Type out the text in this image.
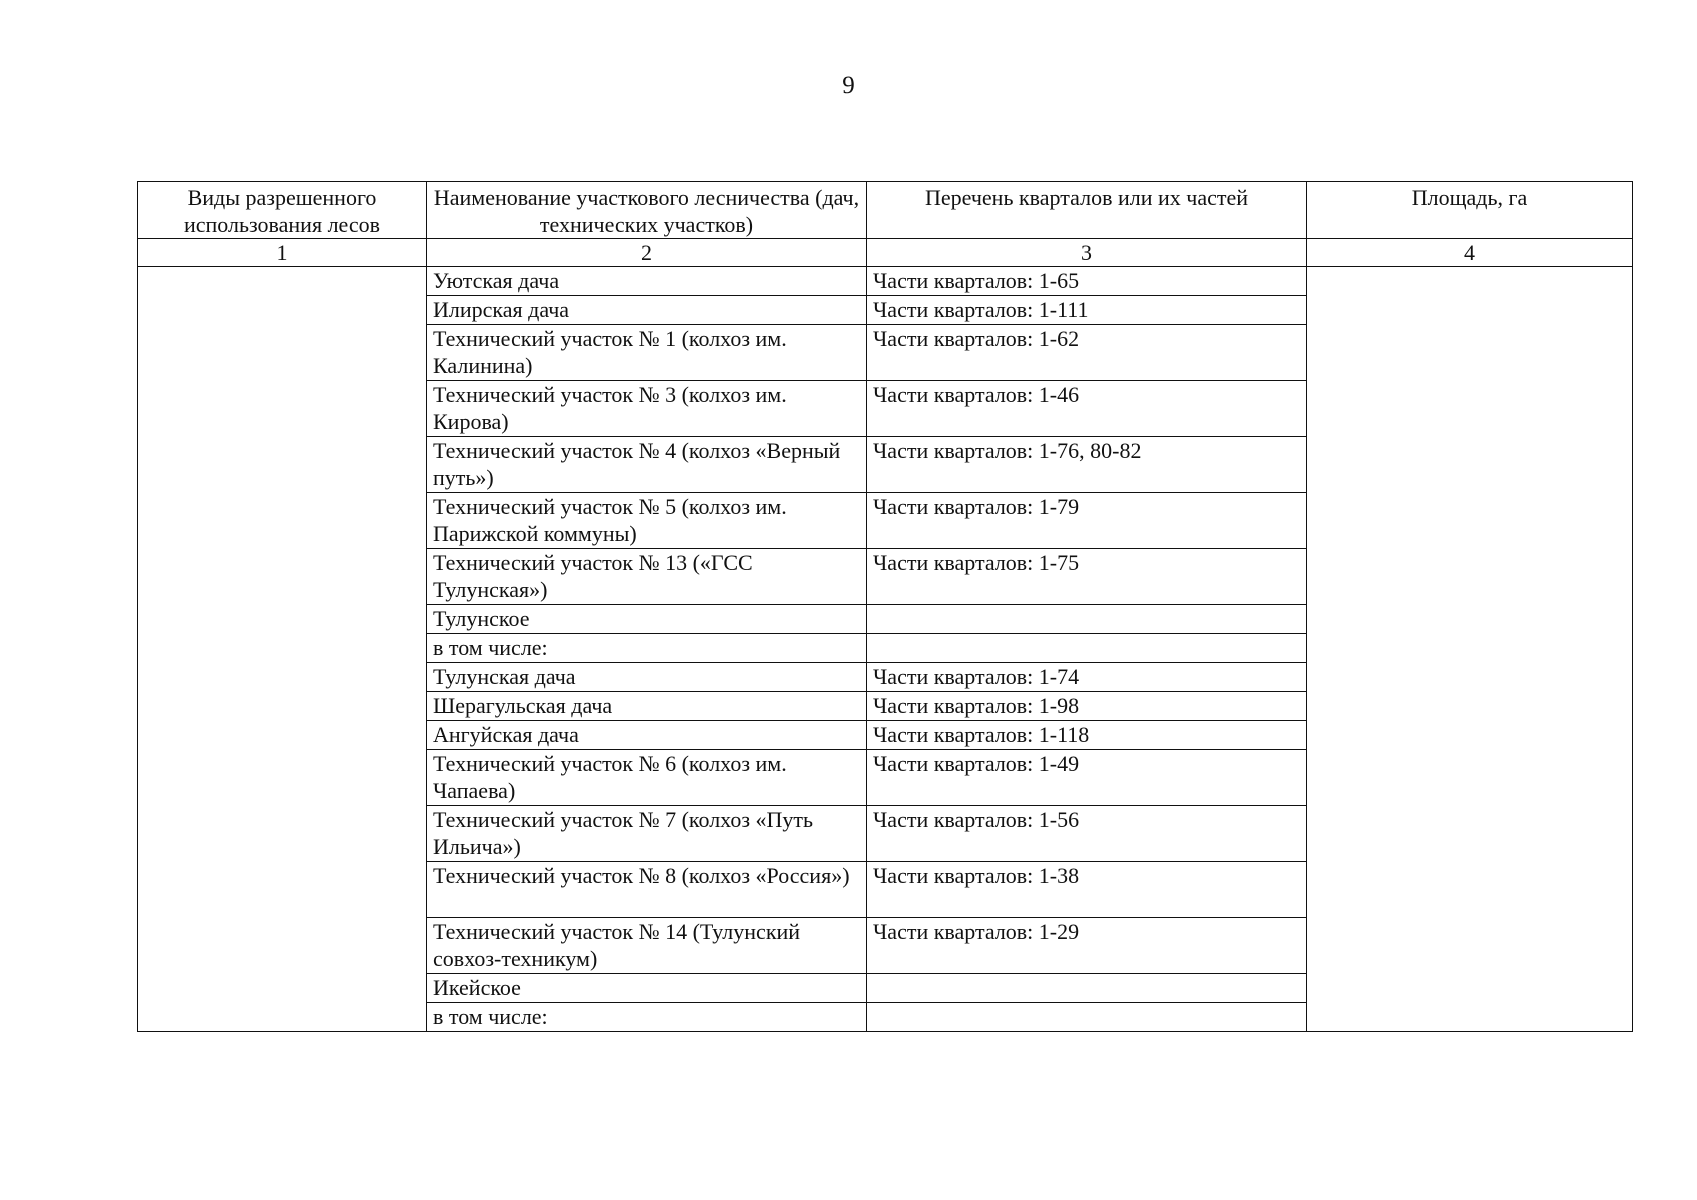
9
Виды разрешенного использования лесов	Наименование участкового лесничества (дач, технических участков)	Перечень кварталов или их частей	Площадь, га
1	2	3	4
	Уютская дача	Части кварталов: 1-65	
	Илирская дача	Части кварталов: 1-111	
	Технический участок № 1 (колхоз им. Калинина)	Части кварталов: 1-62	
	Технический участок № 3 (колхоз им. Кирова)	Части кварталов: 1-46	
	Технический участок № 4 (колхоз «Верный путь»)	Части кварталов: 1-76, 80-82	
	Технический участок № 5 (колхоз им. Парижской коммуны)	Части кварталов: 1-79	
	Технический участок № 13 («ГСС Тулунская»)	Части кварталов: 1-75	
	Тулунское		
	в том числе:		
	Тулунская дача	Части кварталов: 1-74	
	Шерагульская дача	Части кварталов: 1-98	
	Ангуйская дача	Части кварталов: 1-118	
	Технический участок № 6 (колхоз им. Чапаева)	Части кварталов: 1-49	
	Технический участок № 7 (колхоз «Путь Ильича»)	Части кварталов: 1-56	
	Технический участок № 8 (колхоз «Россия»)	Части кварталов: 1-38	
	Технический участок № 14 (Тулунский совхоз-техникум)	Части кварталов: 1-29	
	Икейское		
	в том числе:		
